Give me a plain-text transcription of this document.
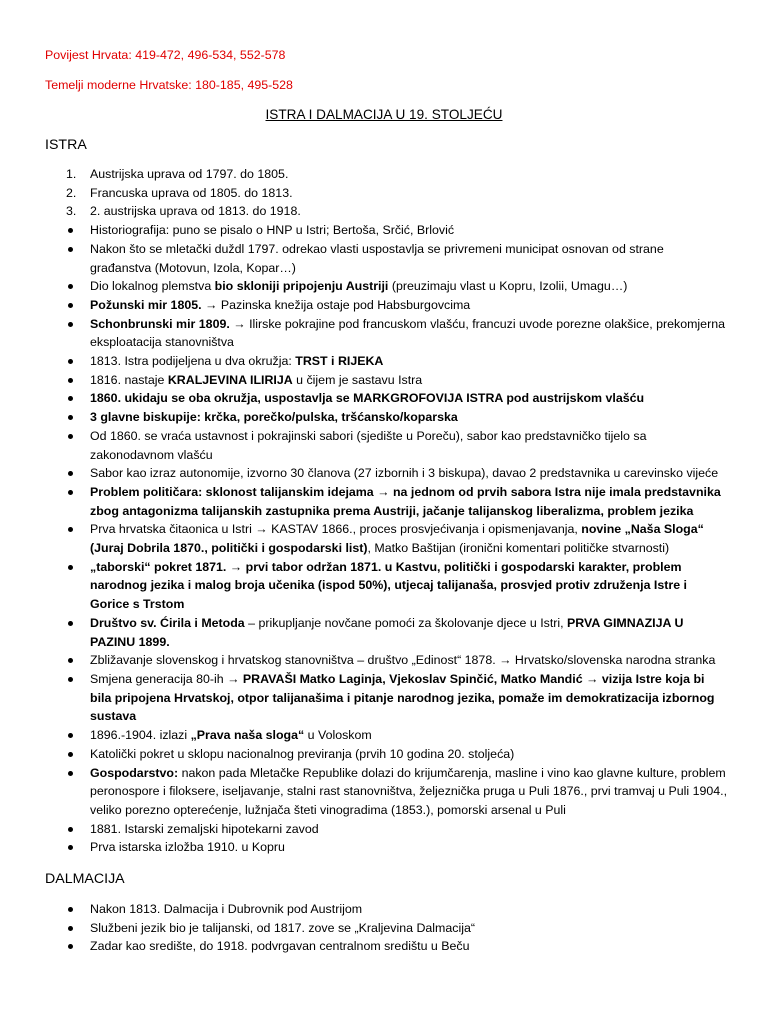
Povijest Hrvata: 419-472, 496-534, 552-578
Temelji moderne Hrvatske: 180-185, 495-528
ISTRA I DALMACIJA U 19. STOLJEĆU
ISTRA
1.	Austrijska uprava od 1797. do 1805.
2.	Francuska uprava od 1805. do 1813.
3.	2. austrijska uprava od 1813. do 1918.
Historiografija: puno se pisalo o HNP u Istri; Bertoša, Srčić, Brlović
Nakon što se mletački duždl 1797. odrekao vlasti uspostavlja se privremeni municipat osnovan od strane građanstva (Motovun, Izola, Kopar…)
Dio lokalnog plemstva bio skloniji pripojenju Austriji (preuzimaju vlast u Kopru, Izolii, Umagu…)
Požunski mir 1805. → Pazinska knežija ostaje pod Habsburgovcima
Schonbrunski mir 1809. → Ilirske pokrajine pod francuskom vlašću, francuzi uvode porezne olakšice, prekomjerna eksploatacija stanovništva
1813. Istra podijeljena u dva okružja: TRST i RIJEKA
1816. nastaje KRALJEVINA ILIRIJA u čijem je sastavu Istra
1860. ukidaju se oba okružja, uspostavlja se MARKGROFOVIJA ISTRA pod austrijskom vlašću
3 glavne biskupije: krčka, porečko/pulska, tršćansko/koparska
Od 1860. se vraća ustavnost i pokrajinski sabori (sjedište u Poreču), sabor kao predstavničko tijelo sa zakonodavnom vlašću
Sabor kao izraz autonomije, izvorno 30 članova (27 izbornih i 3 biskupa), davao 2 predstavnika u carevinsko vijeće
Problem političara: sklonost talijanskim idejama → na jednom od prvih sabora Istra nije imala predstavnika zbog antagonizma talijanskih zastupnika prema Austriji, jačanje talijanskog liberalizma, problem jezika
Prva hrvatska čitaonica u Istri → KASTAV 1866., proces prosvjećivanja i opismenjavanja, novine „Naša Sloga“ (Juraj Dobrila 1870., politički i gospodarski list), Matko Baštijan (ironični komentari političke stvarnosti)
„taborski“ pokret 1871. → prvi tabor održan 1871. u Kastvu, politički i gospodarski karakter, problem narodnog jezika i malog broja učenika (ispod 50%), utjecaj talijanaša, prosvjed protiv združenja Istre i Gorice s Trstom
Društvo sv. Ćirila i Metoda – prikupljanje novčane pomoći za školovanje djece u Istri, PRVA GIMNAZIJA U PAZINU 1899.
Zbližavanje slovenskog i hrvatskog stanovništva – društvo „Edinost“ 1878. → Hrvatsko/slovenska narodna stranka
Smjena generacija 80-ih → PRAVAŠI Matko Laginja, Vjekoslav Spinčić, Matko Mandić → vizija Istre koja bi bila pripojena Hrvatskoj, otpor talijanašima i pitanje narodnog jezika, pomaže im demokratizacija izbornog sustava
1896.-1904. izlazi „Prava naša sloga“ u Voloskom
Katolički pokret u sklopu nacionalnog previranja (prvih 10 godina 20. stoljeća)
Gospodarstvo: nakon pada Mletačke Republike dolazi do krijumčarenja, masline i vino kao glavne kulture, problem peronospore i filoksere, iseljavanje, stalni rast stanovništva, željeznička pruga u Puli 1876., prvi tramvaj u Puli 1904., veliko porezno opterećenje, lužnjača šteti vinogradima (1853.), pomorski arsenal u Puli
1881. Istarski zemaljski hipotekarni zavod
Prva istarska izložba 1910. u Kopru
DALMACIJA
Nakon 1813. Dalmacija i Dubrovnik pod Austrijom
Službeni jezik bio je talijanski, od 1817. zove se „Kraljevina Dalmacija“
Zadar kao središte, do 1918. podvrgavan centralnom središtu u Beču
